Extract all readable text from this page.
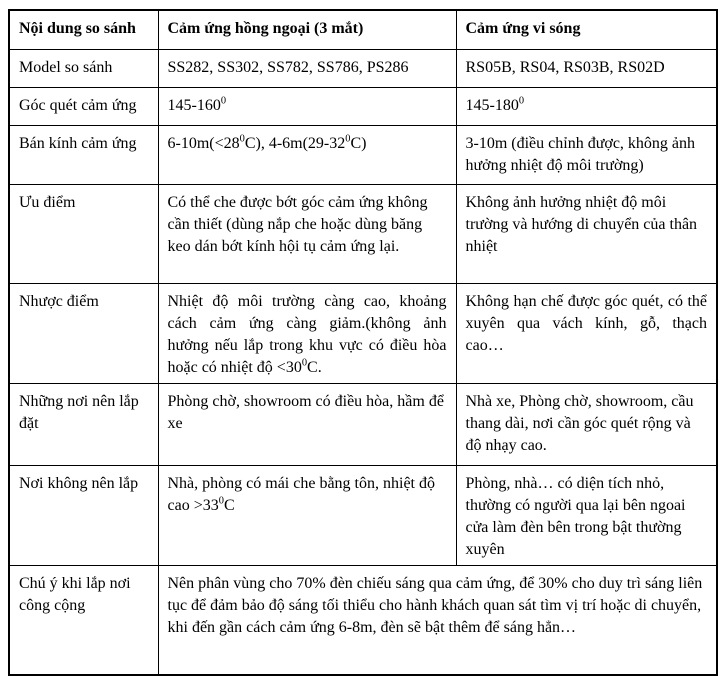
Nội dung so sánh	Cảm ứng hồng ngoại (3 mắt)	Cảm ứng vi sóng
Model so sánh	SS282, SS302, SS782, SS786, PS286	RS05B, RS04, RS03B, RS02D
Góc quét cảm ứng	$145-160^0$	$145-180^0$
Bán kính cảm ứng	$6-10m(<28^0C)$, $4-6m(29-32^0C)$	3-10m (điều chỉnh được, không ảnh hưởng nhiệt độ môi trường)
Ưu điểm	Có thể che được bớt góc cảm ứng không cần thiết (dùng nắp che hoặc dùng băng keo dán bớt kính hội tụ cảm ứng lại.	Không ảnh hưởng nhiệt độ môi trường và hướng di chuyển của thân nhiệt
Nhược điểm	Nhiệt độ môi trường càng cao, khoảng cách cảm ứng càng giảm.(không ảnh hưởng nếu lắp trong khu vực có điều hòa hoặc có nhiệt độ $<30^0C$.	Không hạn chế được góc quét, có thể xuyên qua vách kính, gỗ, thạch cao…
Những nơi nên lắp đặt	Phòng chờ, showroom có điều hòa, hầm để xe	Nhà xe, Phòng chờ, showroom, cầu thang dài, nơi cần góc quét rộng và độ nhạy cao.
Nơi không nên lắp	Nhà, phòng có mái che bằng tôn, nhiệt độ cao $>33^0C$	Phòng, nhà… có diện tích nhỏ, thường có người qua lại bên ngoai cửa làm đèn bên trong bật thường xuyên
Chú ý khi lắp nơi công cộng	Nên phân vùng cho 70% đèn chiếu sáng qua cảm ứng, để 30% cho duy trì sáng liên tục để đảm bảo độ sáng tối thiểu cho hành khách quan sát tìm vị trí hoặc di chuyển, khi đến gần cách cảm ứng 6-8m, đèn sẽ bật thêm để sáng hẳn…	
